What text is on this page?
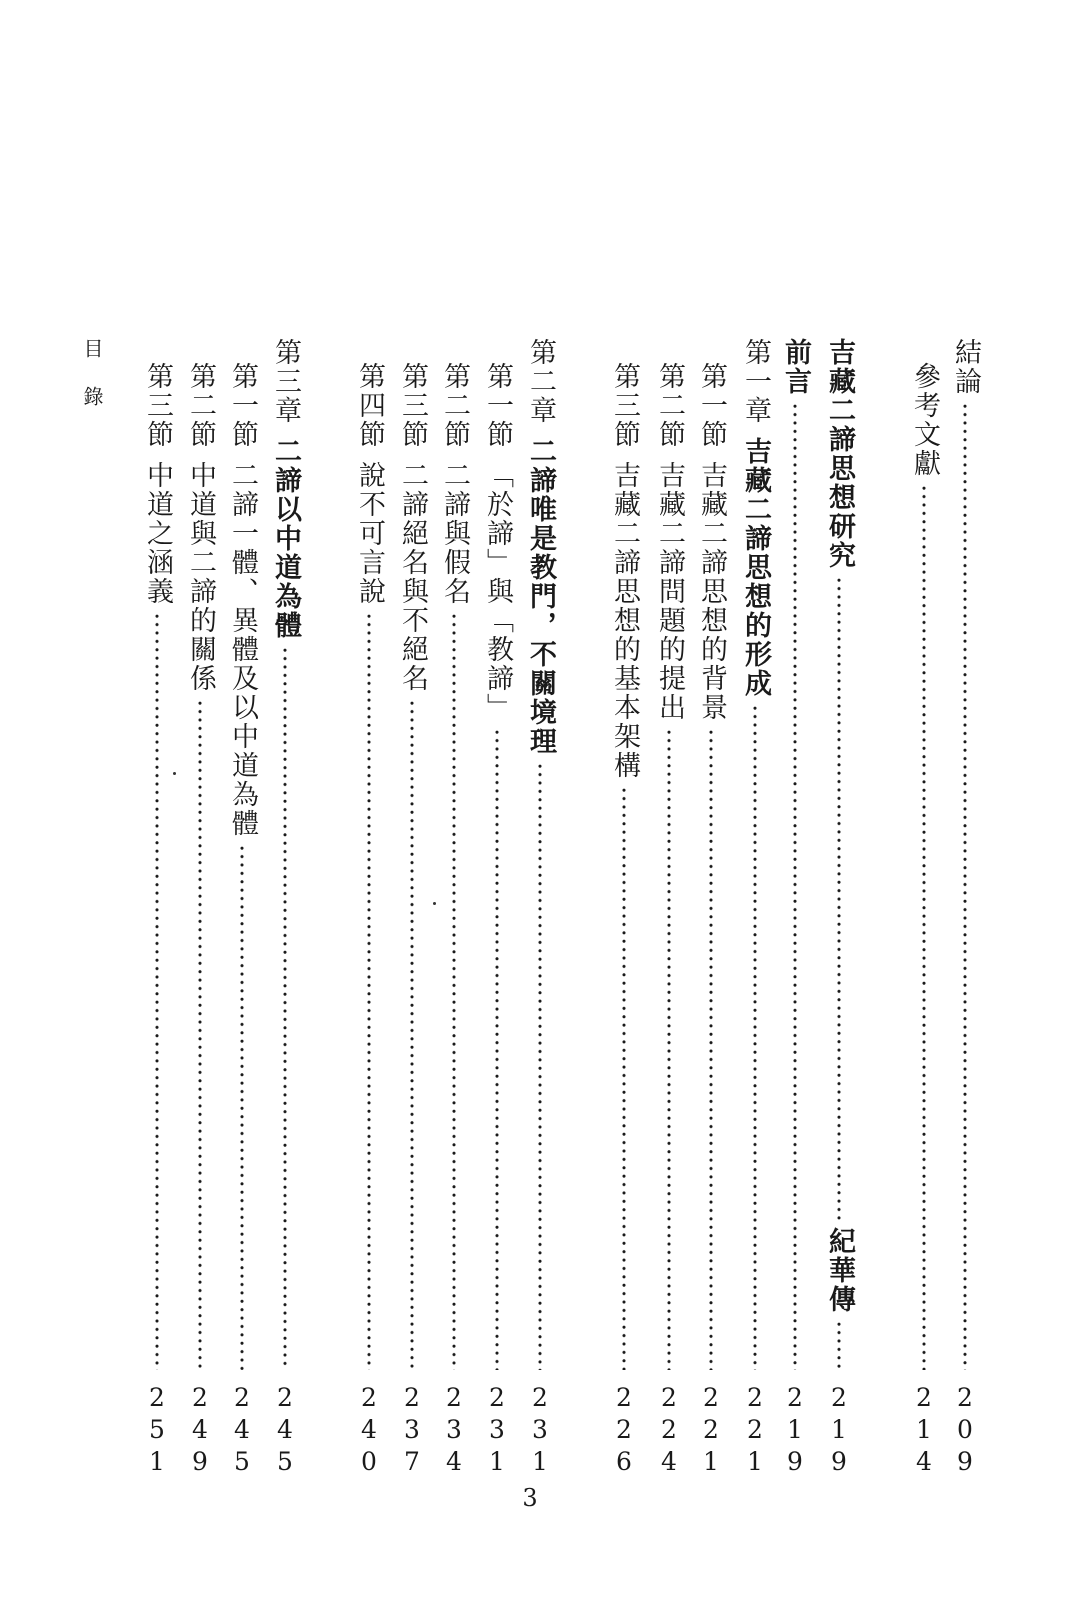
結論
2
0
9
參考文獻
2
1
4
吉藏二諦思想研究
紀華傳
2
1
9
前言
2
1
9
第一章
吉藏二諦思想的形成
2
2
1
第一節
吉藏二諦思想的背景
2
2
1
第二節
吉藏二諦問題的提出
2
2
4
第三節
吉藏二諦思想的基本架構
2
2
6
第二章
二諦唯是教門，不關境理
2
3
1
第一節
「於諦」與「教諦」
2
3
1
第二節
二諦與假名
2
3
4
第三節
二諦絕名與不絕名
2
3
7
第四節
說不可言說
2
4
0
第三章
二諦以中道為體
2
4
5
第一節
二諦一體、異體及以中道為體
2
4
5
第二節
中道與二諦的關係
2
4
9
第三節
中道之涵義
2
5
1
目錄
3
